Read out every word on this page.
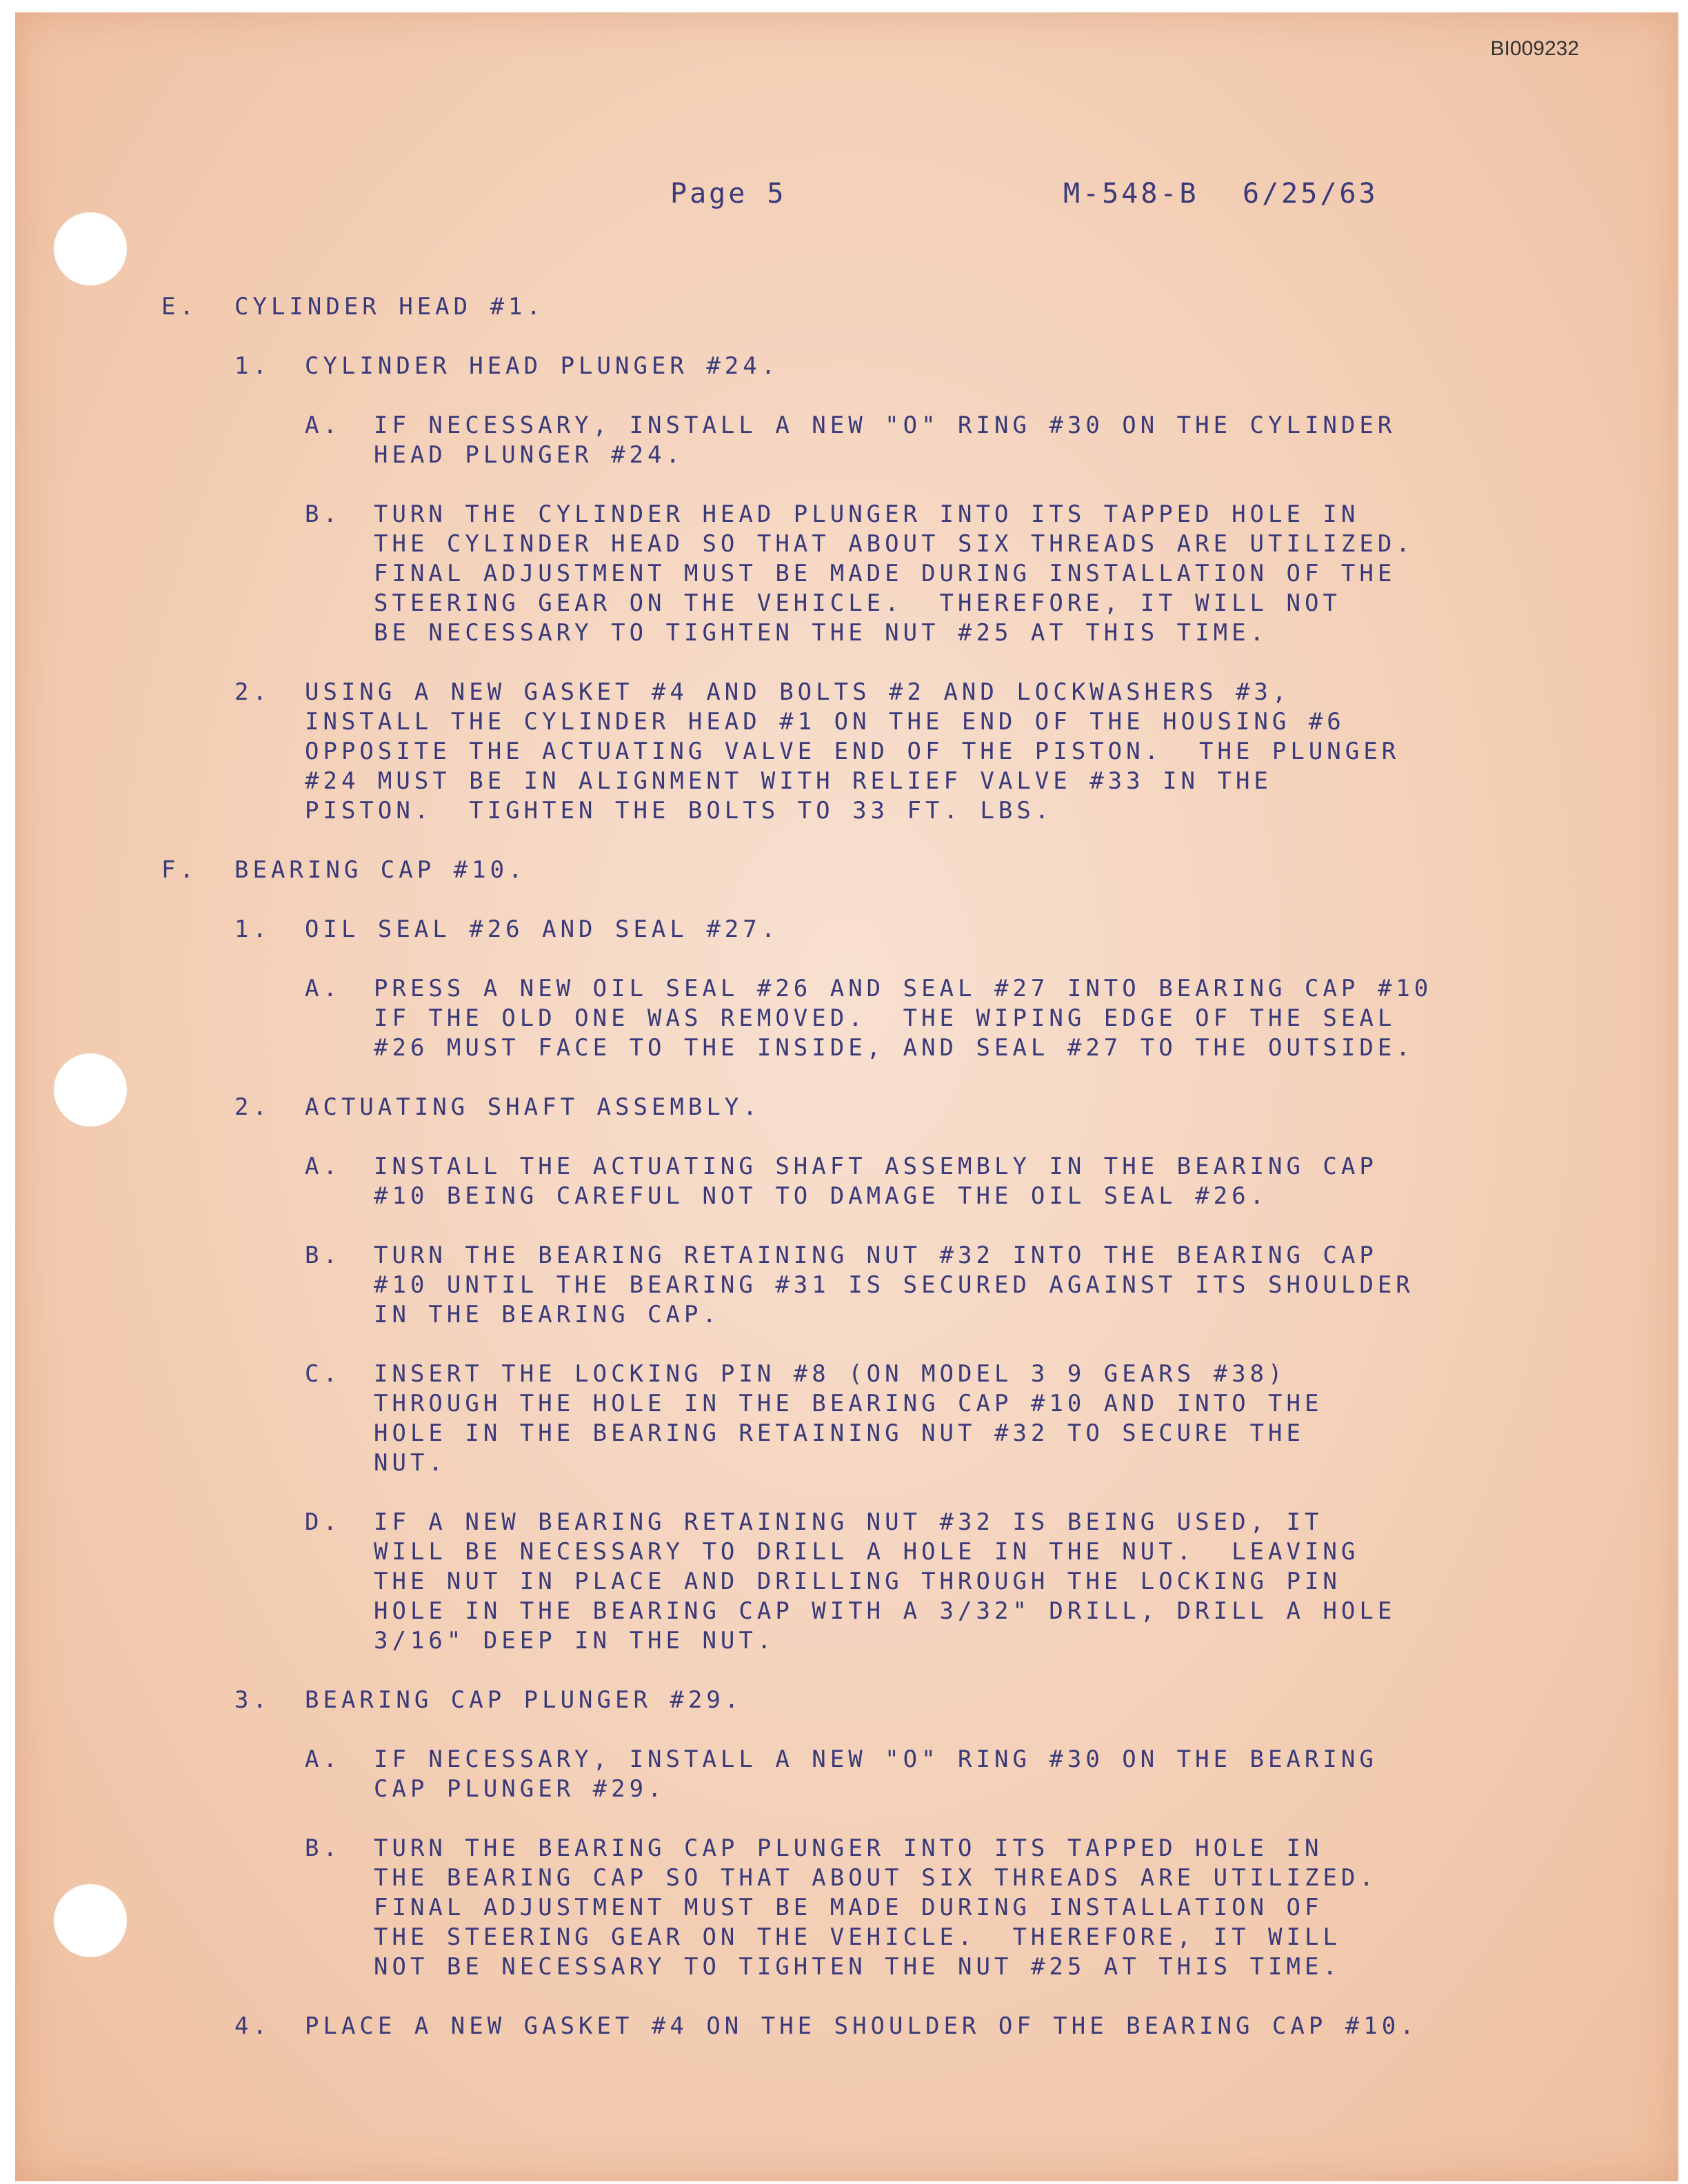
BI009232
Page 5	M-548-B 6/25/63
E. CYLINDER HEAD #1.
1. CYLINDER HEAD PLUNGER #24.
A. IF NECESSARY, INSTALL A NEW "O" RING #30 ON THE CYLINDER
HEAD PLUNGER #24.
B. TURN THE CYLINDER HEAD PLUNGER INTO ITS TAPPED HOLE IN
THE CYLINDER HEAD SO THAT ABOUT SIX THREADS ARE UTILIZED.
FINAL ADJUSTMENT MUST BE MADE DURING INSTALLATION OF THE
STEERING GEAR ON THE VEHICLE.  THEREFORE, IT WILL NOT
BE NECESSARY TO TIGHTEN THE NUT #25 AT THIS TIME.
2. USING A NEW GASKET #4 AND BOLTS #2 AND LOCKWASHERS #3,
INSTALL THE CYLINDER HEAD #1 ON THE END OF THE HOUSING #6
OPPOSITE THE ACTUATING VALVE END OF THE PISTON.  THE PLUNGER
#24 MUST BE IN ALIGNMENT WITH RELIEF VALVE #33 IN THE
PISTON.  TIGHTEN THE BOLTS TO 33 FT. LBS.
F. BEARING CAP #10.
1. OIL SEAL #26 AND SEAL #27.
A. PRESS A NEW OIL SEAL #26 AND SEAL #27 INTO BEARING CAP #10
IF THE OLD ONE WAS REMOVED.  THE WIPING EDGE OF THE SEAL
#26 MUST FACE TO THE INSIDE, AND SEAL #27 TO THE OUTSIDE.
2. ACTUATING SHAFT ASSEMBLY.
A. INSTALL THE ACTUATING SHAFT ASSEMBLY IN THE BEARING CAP
#10 BEING CAREFUL NOT TO DAMAGE THE OIL SEAL #26.
B. TURN THE BEARING RETAINING NUT #32 INTO THE BEARING CAP
#10 UNTIL THE BEARING #31 IS SECURED AGAINST ITS SHOULDER
IN THE BEARING CAP.
C. INSERT THE LOCKING PIN #8 (ON MODEL 3 9 GEARS #38)
THROUGH THE HOLE IN THE BEARING CAP #10 AND INTO THE
HOLE IN THE BEARING RETAINING NUT #32 TO SECURE THE
NUT.
D. IF A NEW BEARING RETAINING NUT #32 IS BEING USED, IT
WILL BE NECESSARY TO DRILL A HOLE IN THE NUT.  LEAVING
THE NUT IN PLACE AND DRILLING THROUGH THE LOCKING PIN
HOLE IN THE BEARING CAP WITH A 3/32" DRILL, DRILL A HOLE
3/16" DEEP IN THE NUT.
3. BEARING CAP PLUNGER #29.
A. IF NECESSARY, INSTALL A NEW "O" RING #30 ON THE BEARING
CAP PLUNGER #29.
B. TURN THE BEARING CAP PLUNGER INTO ITS TAPPED HOLE IN
THE BEARING CAP SO THAT ABOUT SIX THREADS ARE UTILIZED.
FINAL ADJUSTMENT MUST BE MADE DURING INSTALLATION OF
THE STEERING GEAR ON THE VEHICLE.  THEREFORE, IT WILL
NOT BE NECESSARY TO TIGHTEN THE NUT #25 AT THIS TIME.
4. PLACE A NEW GASKET #4 ON THE SHOULDER OF THE BEARING CAP #10.
